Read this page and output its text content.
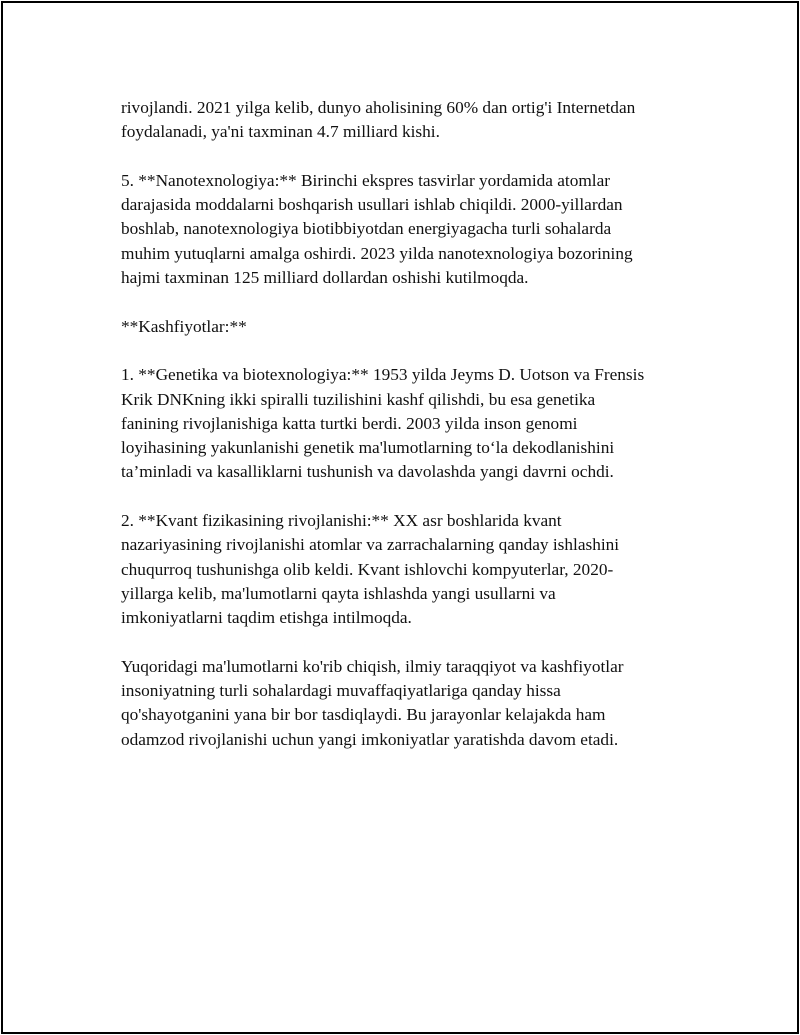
rivojlandi. 2021 yilga kelib, dunyo aholisining 60% dan ortig'i Internetdan
foydalanadi, ya'ni taxminan 4.7 milliard kishi.

5. **Nanotexnologiya:** Birinchi ekspres tasvirlar yordamida atomlar
darajasida moddalarni boshqarish usullari ishlab chiqildi. 2000-yillardan
boshlab, nanotexnologiya biotibbiyotdan energiyagacha turli sohalarda
muhim yutuqlarni amalga oshirdi. 2023 yilda nanotexnologiya bozorining
hajmi taxminan 125 milliard dollardan oshishi kutilmoqda.

**Kashfiyotlar:**

1. **Genetika va biotexnologiya:** 1953 yilda Jeyms D. Uotson va Frensis
Krik DNKning ikki spiralli tuzilishini kashf qilishdi, bu esa genetika
fanining rivojlanishiga katta turtki berdi. 2003 yilda inson genomi
loyihasining yakunlanishi genetik ma'lumotlarning to‘la dekodlanishini
ta’minladi va kasalliklarni tushunish va davolashda yangi davrni ochdi.

2. **Kvant fizikasining rivojlanishi:** XX asr boshlarida kvant
nazariyasining rivojlanishi atomlar va zarrachalarning qanday ishlashini
chuqurroq tushunishga olib keldi. Kvant ishlovchi kompyuterlar, 2020-
yillarga kelib, ma'lumotlarni qayta ishlashda yangi usullarni va
imkoniyatlarni taqdim etishga intilmoqda.

Yuqoridagi ma'lumotlarni ko'rib chiqish, ilmiy taraqqiyot va kashfiyotlar
insoniyatning turli sohalardagi muvaffaqiyatlariga qanday hissa
qo'shayotganini yana bir bor tasdiqlaydi. Bu jarayonlar kelajakda ham
odamzod rivojlanishi uchun yangi imkoniyatlar yaratishda davom etadi.
